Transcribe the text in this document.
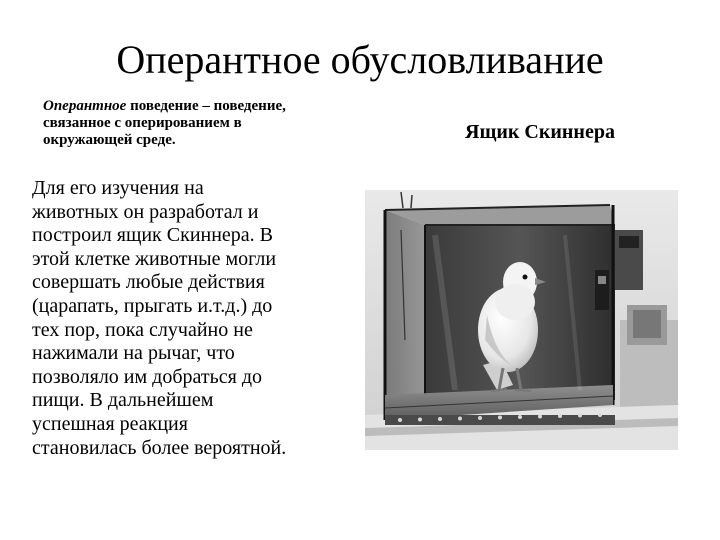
Оперантное обусловливание
Оперантное поведение – поведение,
связанное с оперированием в
окружающей среде.	Ящик Скиннера
Для его изучения на
животных он разработал и
построил ящик Скиннера. В
этой клетке животные могли
совершать любые действия
(царапать, прыгать и.т.д.) до
тех пор, пока случайно не
нажимали на рычаг, что
позволяло им добраться до
пищи. В дальнейшем
успешная реакция
становилась более вероятной.
